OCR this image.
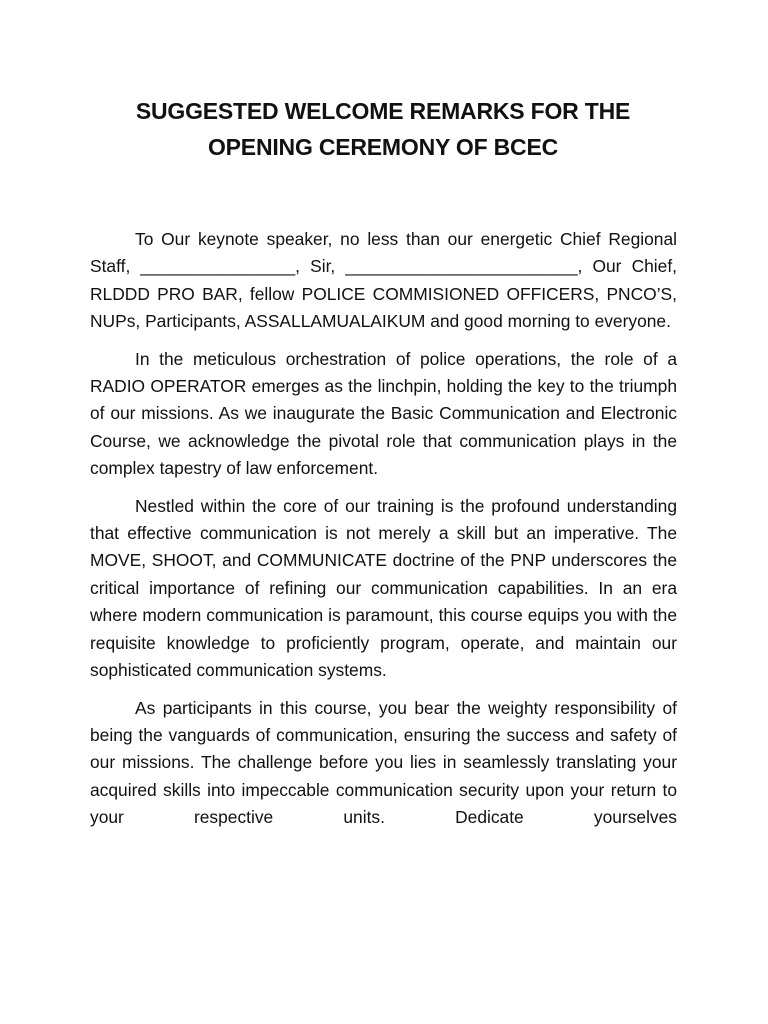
SUGGESTED WELCOME REMARKS FOR THE
OPENING CEREMONY OF BCEC

To Our keynote speaker, no less than our energetic Chief Regional Staff, ________________, Sir, ________________________, Our Chief, RLDDD PRO BAR, fellow POLICE COMMISIONED OFFICERS, PNCO’S, NUPs, Participants, ASSALLAMUALAIKUM and good morning to everyone.

In the meticulous orchestration of police operations, the role of a RADIO OPERATOR emerges as the linchpin, holding the key to the triumph of our missions. As we inaugurate the Basic Communication and Electronic Course, we acknowledge the pivotal role that communication plays in the complex tapestry of law enforcement.

Nestled within the core of our training is the profound understanding that effective communication is not merely a skill but an imperative. The MOVE, SHOOT, and COMMUNICATE doctrine of the PNP underscores the critical importance of refining our communication capabilities. In an era where modern communication is paramount, this course equips you with the requisite knowledge to proficiently program, operate, and maintain our sophisticated communication systems.

As participants in this course, you bear the weighty responsibility of being the vanguards of communication, ensuring the success and safety of our missions. The challenge before you lies in seamlessly translating your acquired skills into impeccable communication security upon your return to your respective units. Dedicate yourselves
